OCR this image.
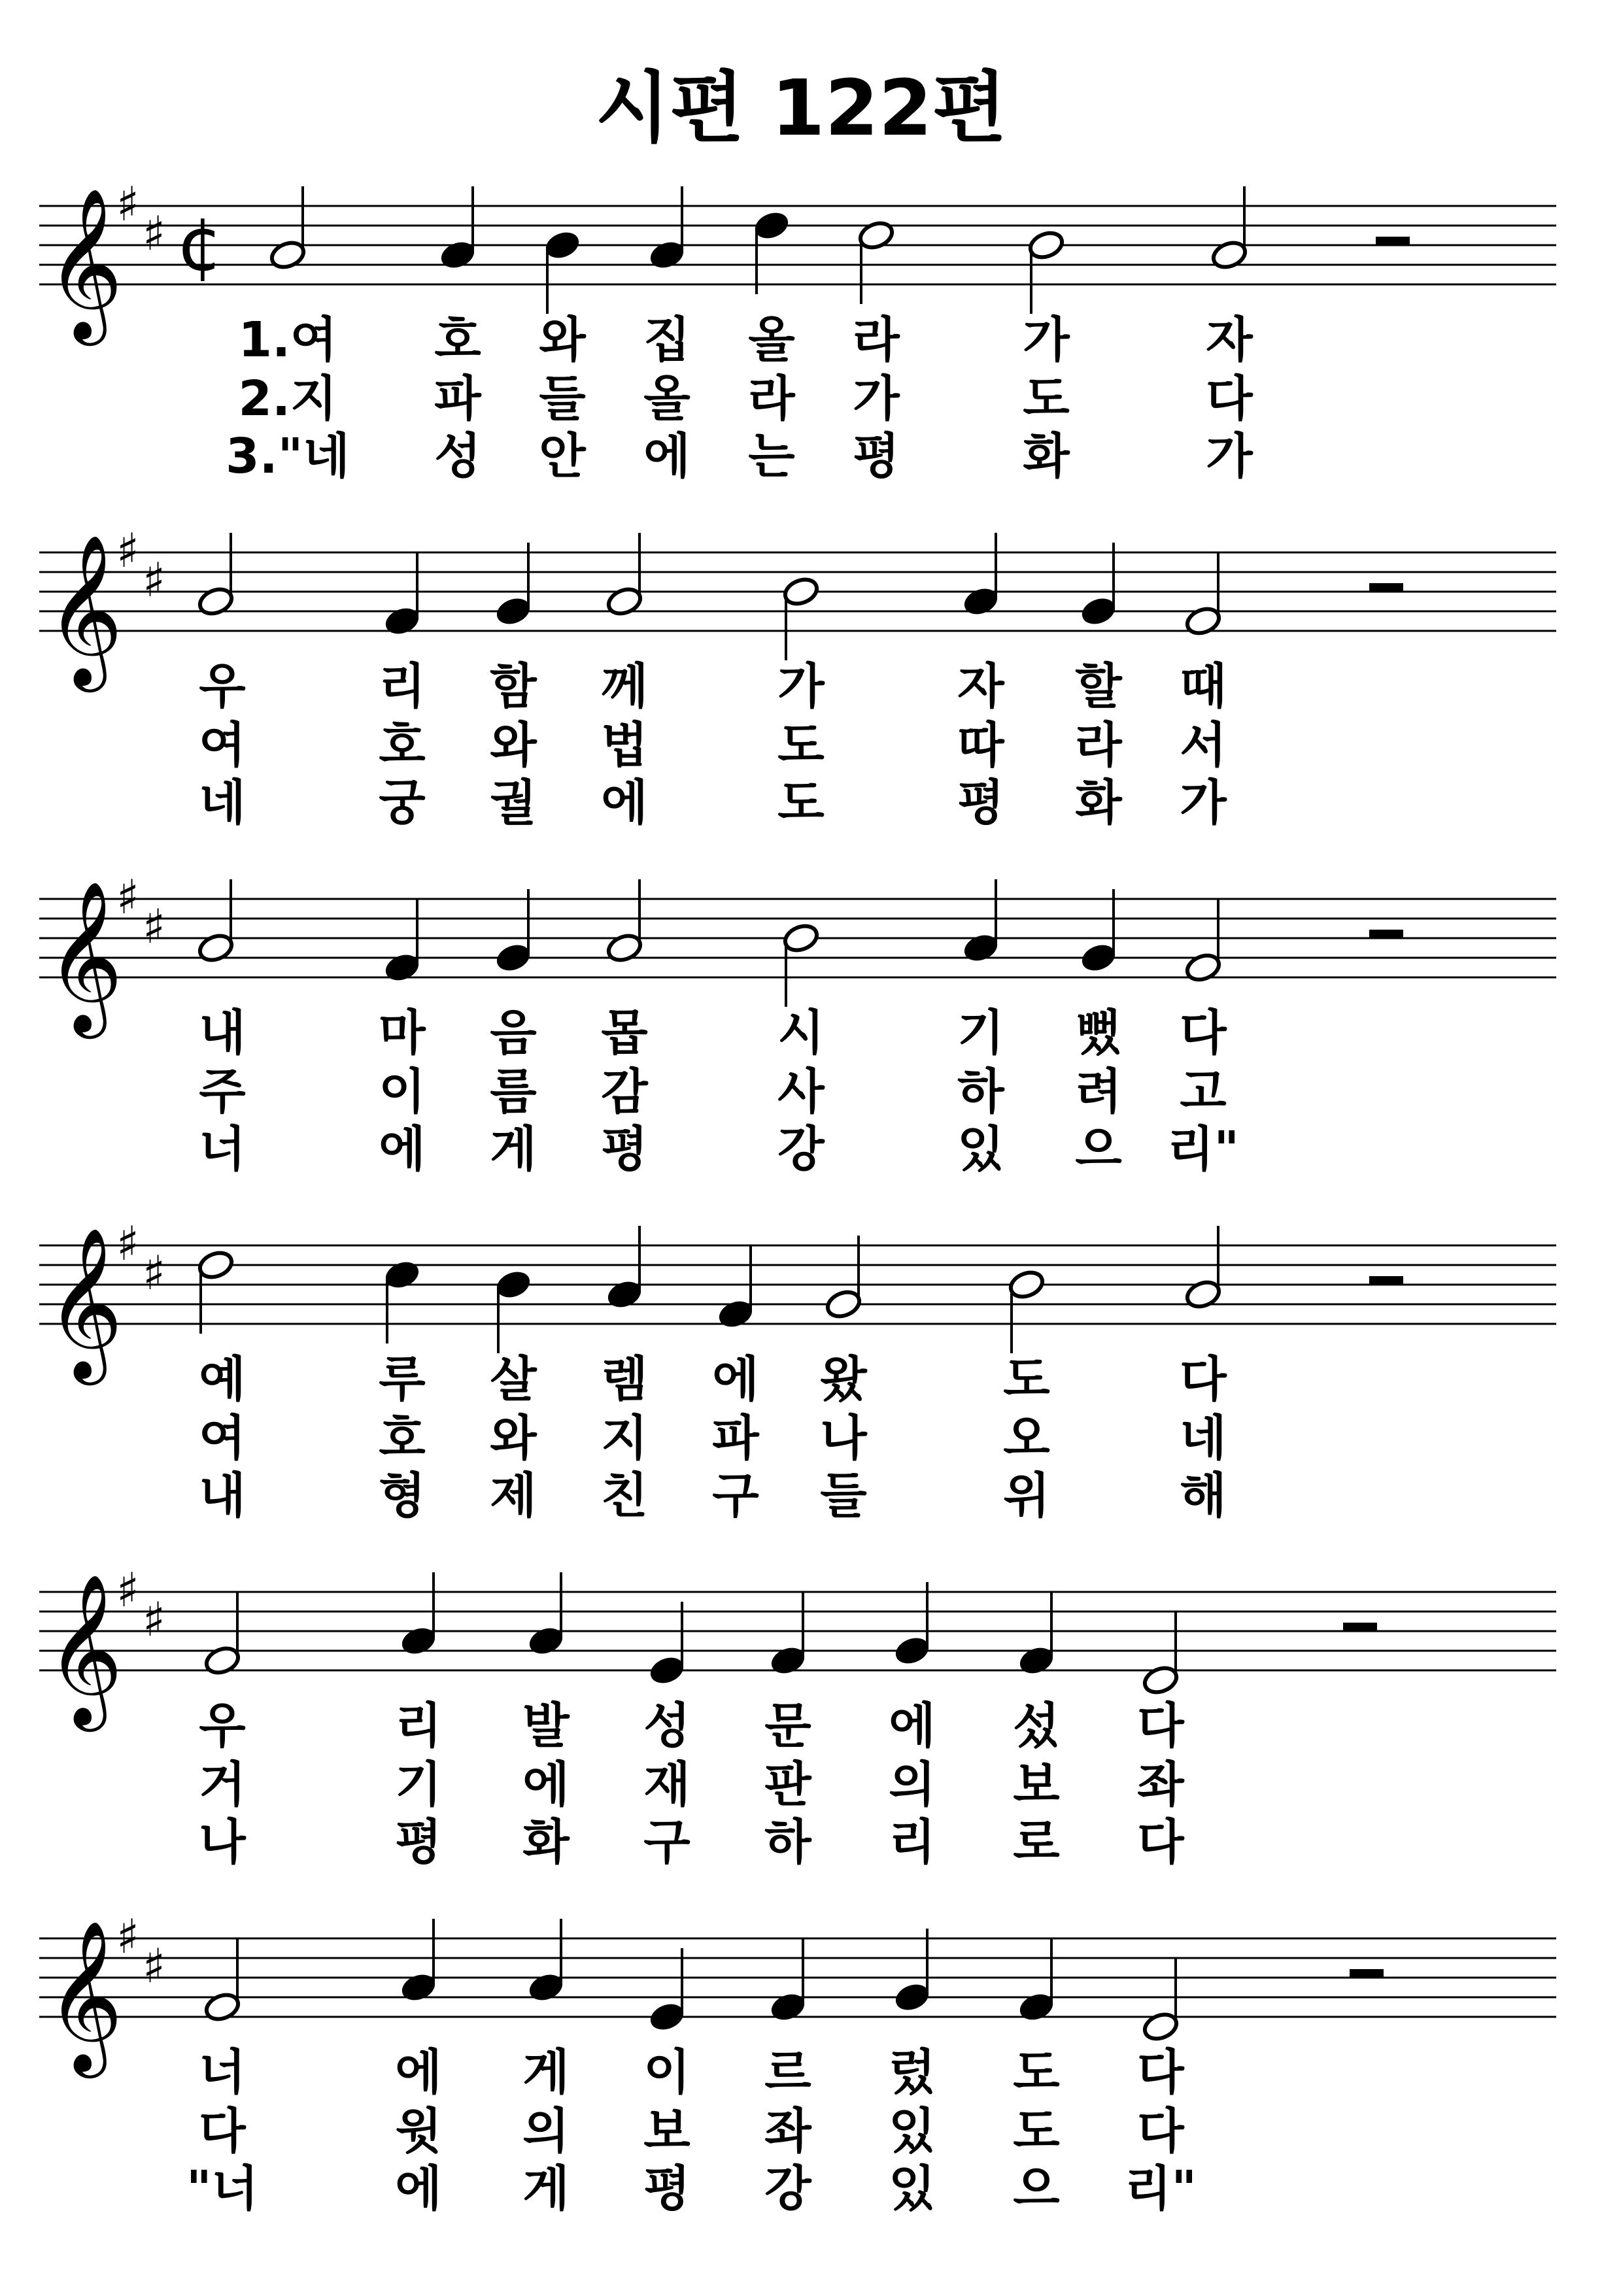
시편 122편
𝄞
♯
♯ ¢
1.여 호 와 집 올 라	가	자
2.지 파 들 올 라 가	도	다
3."네 성 안 에 는 평	화	가
𝄞
♯
♯
우	리 함 께	가	자 할 때
여	호 와 법	도	따 라 서
네	궁 궐 에	도	평 화 가
𝄞
♯
♯
내	마 음 몹	시	기 뻤 다
주	이 름 감	사	하 려 고
너	에 게 평	강	있 으 리"
𝄞
♯
♯
예	루 살 렘 에 왔	도	다
여	호 와 지 파 나	오	네
내	형 제 친 구 들	위	해
𝄞
♯
♯
우	리 발 성 문 에 섰 다
거	기 에 재 판 의 보 좌
나	평 화 구 하 리 로 다
𝄞
♯
♯
너	에 게 이 르 렀 도 다
다	윗 의 보 좌 있 도 다
"너	에 게 평 강 있 으 리"
